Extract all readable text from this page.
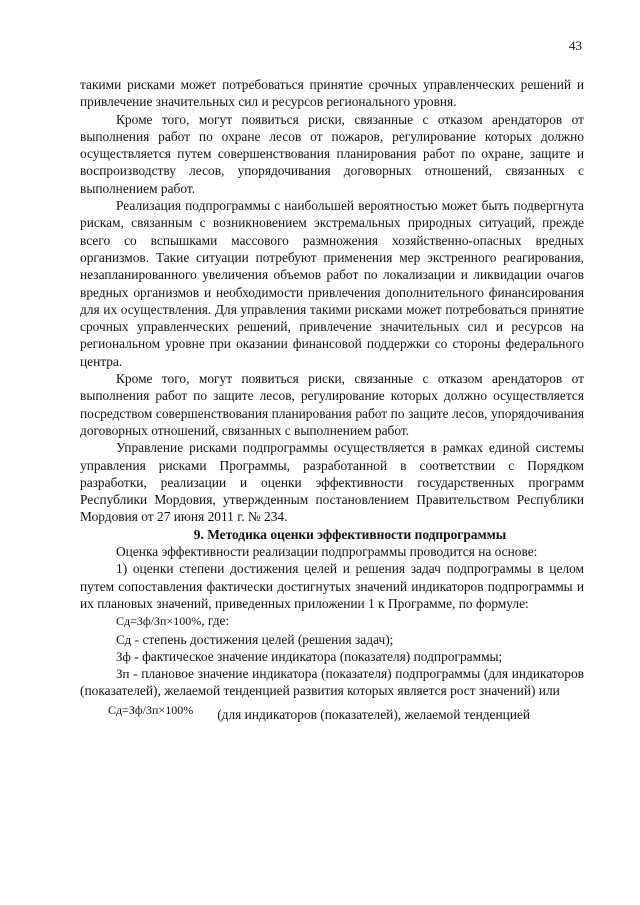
43

такими рисками может потребоваться принятие срочных управленческих решений и привлечение значительных сил и ресурсов регионального уровня.

Кроме того, могут появиться риски, связанные с отказом арендаторов от выполнения работ по охране лесов от пожаров, регулирование которых должно осуществляется путем совершенствования планирования работ по охране, защите и воспроизводству лесов, упорядочивания договорных отношений, связанных с выполнением работ.

Реализация подпрограммы с наибольшей вероятностью может быть подвергнута рискам, связанным с возникновением экстремальных природных ситуаций, прежде всего со вспышками массового размножения хозяйственно-опасных вредных организмов. Такие ситуации потребуют применения мер экстренного реагирования, незапланированного увеличения объемов работ по локализации и ликвидации очагов вредных организмов и необходимости привлечения дополнительного финансирования для их осуществления. Для управления такими рисками может потребоваться принятие срочных управленческих решений, привлечение значительных сил и ресурсов на региональном уровне при оказании финансовой поддержки со стороны федерального центра.

Кроме того, могут появиться риски, связанные с отказом арендаторов от выполнения работ по защите лесов, регулирование которых должно осуществляется посредством совершенствования планирования работ по защите лесов, упорядочивания договорных отношений, связанных с выполнением работ.

Управление рисками подпрограммы осуществляется в рамках единой системы управления рисками Программы, разработанной в соответствии с Порядком разработки, реализации и оценки эффективности государственных программ Республики Мордовия, утвержденным постановлением Правительством Республики Мордовия от 27 июня 2011 г. № 234.

9. Методика оценки эффективности подпрограммы

Оценка эффективности реализации подпрограммы проводится на основе:

1) оценки степени достижения целей и решения задач подпрограммы в целом путем сопоставления фактически достигнутых значений индикаторов подпрограммы и их плановых значений, приведенных приложении 1 к Программе, по формуле:

Сд=Зф/Зп×100%, где:

Сд - степень достижения целей (решения задач);

Зф - фактическое значение индикатора (показателя) подпрограммы;

Зп - плановое значение индикатора (показателя) подпрограммы (для индикаторов (показателей), желаемой тенденцией развития которых является рост значений) или

Сд=Зф/Зп×100% (для индикаторов (показателей), желаемой тенденцией
